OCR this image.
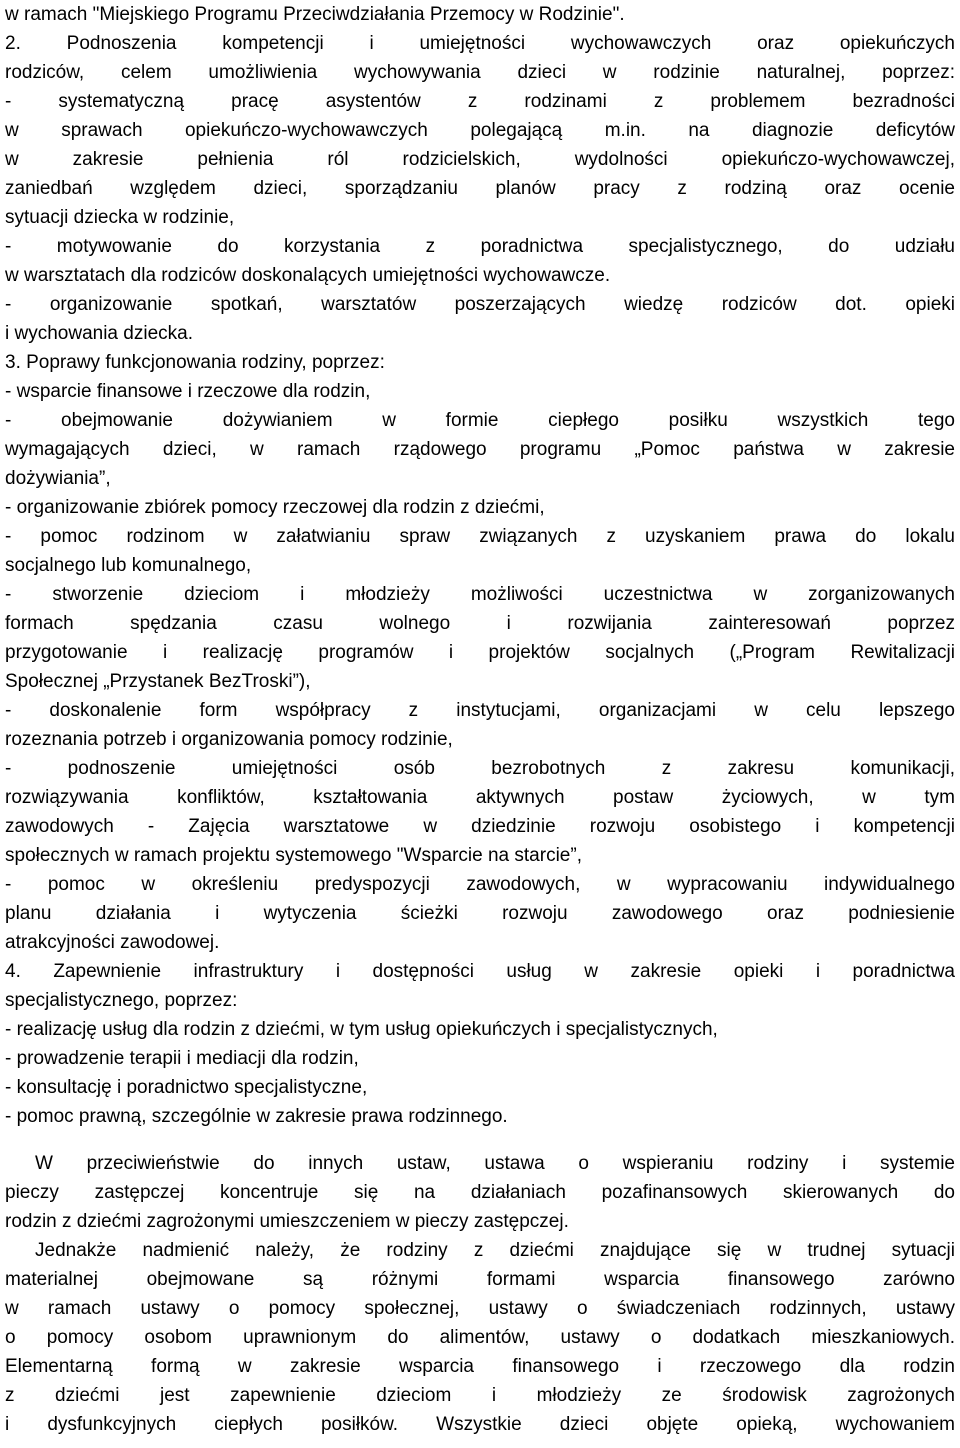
w ramach "Miejskiego Programu Przeciwdziałania Przemocy w Rodzinie".
2. Podnoszenia kompetencji i umiejętności wychowawczych oraz opiekuńczych
rodziców, celem umożliwienia wychowywania dzieci w rodzinie naturalnej, poprzez:
- systematyczną pracę asystentów z rodzinami z problemem bezradności
w sprawach opiekuńczo-wychowawczych polegającą m.in. na diagnozie deficytów
w zakresie pełnienia ról rodzicielskich, wydolności opiekuńczo-wychowawczej,
zaniedbań względem dzieci, sporządzaniu planów pracy z rodziną oraz ocenie
sytuacji dziecka w rodzinie,
- motywowanie do korzystania z poradnictwa specjalistycznego, do udziału
w warsztatach dla rodziców doskonalących umiejętności wychowawcze.
- organizowanie spotkań, warsztatów poszerzających wiedzę rodziców dot. opieki
i wychowania dziecka.
3. Poprawy funkcjonowania rodziny, poprzez:
- wsparcie finansowe i rzeczowe dla rodzin,
- obejmowanie dożywianiem w formie ciepłego posiłku wszystkich tego
wymagających dzieci, w ramach rządowego programu „Pomoc państwa w zakresie
dożywiania”,
- organizowanie zbiórek pomocy rzeczowej dla rodzin z dziećmi,
- pomoc rodzinom w załatwianiu spraw związanych z uzyskaniem prawa do lokalu
socjalnego lub komunalnego,
- stworzenie dzieciom i młodzieży możliwości uczestnictwa w zorganizowanych
formach spędzania czasu wolnego i rozwijania zainteresowań poprzez
przygotowanie i realizację programów i projektów socjalnych („Program Rewitalizacji
Społecznej „Przystanek BezTroski”),
- doskonalenie form współpracy z instytucjami, organizacjami w celu lepszego
rozeznania potrzeb i organizowania pomocy rodzinie,
- podnoszenie umiejętności osób bezrobotnych z zakresu komunikacji,
rozwiązywania konfliktów, kształtowania aktywnych postaw życiowych, w tym
zawodowych - Zajęcia warsztatowe w dziedzinie rozwoju osobistego i kompetencji
społecznych w ramach projektu systemowego "Wsparcie na starcie”,
- pomoc w określeniu predyspozycji zawodowych, w wypracowaniu indywidualnego
planu działania i wytyczenia ścieżki rozwoju zawodowego oraz podniesienie
atrakcyjności zawodowej.
4. Zapewnienie infrastruktury i dostępności usług w zakresie opieki i poradnictwa
specjalistycznego, poprzez:
- realizację usług dla rodzin z dziećmi, w tym usług opiekuńczych i specjalistycznych,
- prowadzenie terapii i mediacji dla rodzin,
- konsultację i poradnictwo specjalistyczne,
- pomoc prawną, szczególnie w zakresie prawa rodzinnego.
W przeciwieństwie do innych ustaw, ustawa o wspieraniu rodziny i systemie
pieczy zastępczej koncentruje się na działaniach pozafinansowych skierowanych do
rodzin z dziećmi zagrożonymi umieszczeniem w pieczy zastępczej.
Jednakże nadmienić należy, że rodziny z dziećmi znajdujące się w trudnej sytuacji
materialnej obejmowane są różnymi formami wsparcia finansowego zarówno
w ramach ustawy o pomocy społecznej, ustawy o świadczeniach rodzinnych, ustawy
o pomocy osobom uprawnionym do alimentów, ustawy o dodatkach mieszkaniowych.
Elementarną formą w zakresie wsparcia finansowego i rzeczowego dla rodzin
z dziećmi jest zapewnienie dzieciom i młodzieży ze środowisk zagrożonych
i dysfunkcyjnych ciepłych posiłków. Wszystkie dzieci objęte opieką, wychowaniem
